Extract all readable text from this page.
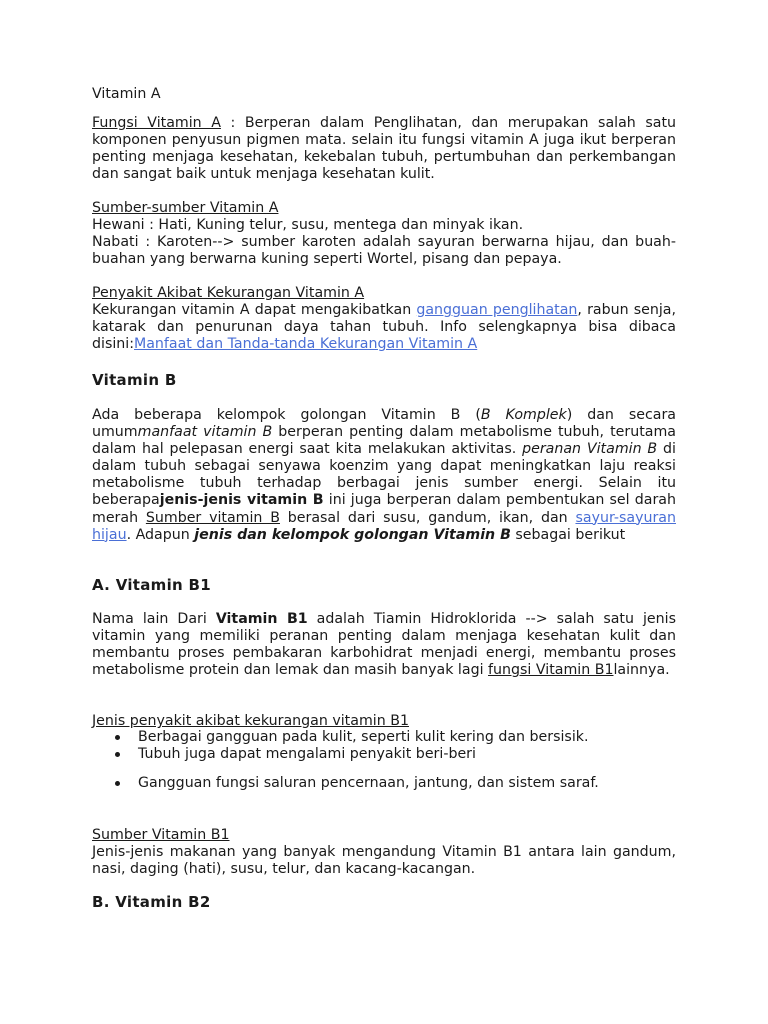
Vitamin A

Fungsi Vitamin A : Berperan dalam Penglihatan, dan merupakan salah satu komponen penyusun pigmen mata. selain itu fungsi vitamin A juga ikut berperan penting menjaga kesehatan, kekebalan tubuh, pertumbuhan dan perkembangan dan sangat baik untuk menjaga kesehatan kulit.

Sumber-sumber Vitamin A
Hewani : Hati, Kuning telur, susu, mentega dan minyak ikan.

Nabati : Karoten--> sumber karoten adalah sayuran berwarna hijau, dan buah-buahan yang berwarna kuning seperti Wortel, pisang dan pepaya.

Penyakit Akibat Kekurangan Vitamin A

Kekurangan vitamin A dapat mengakibatkan gangguan penglihatan, rabun senja, katarak dan penurunan daya tahan tubuh. Info selengkapnya bisa dibaca disini:Manfaat dan Tanda-tanda Kekurangan Vitamin A

Vitamin B

Ada beberapa kelompok golongan Vitamin B (B Komplek) dan secara umummanfaat vitamin B berperan penting dalam metabolisme tubuh, terutama dalam hal pelepasan energi saat kita melakukan aktivitas. peranan Vitamin B di dalam tubuh sebagai senyawa koenzim yang dapat meningkatkan laju reaksi metabolisme tubuh terhadap berbagai jenis sumber energi. Selain itu beberapajenis-jenis vitamin B ini juga berperan dalam pembentukan sel darah merah Sumber vitamin B berasal dari susu, gandum, ikan, dan sayur-sayuran hijau. Adapun jenis dan kelompok golongan Vitamin B sebagai berikut

A. Vitamin B1

Nama lain Dari Vitamin B1 adalah Tiamin Hidroklorida --> salah satu jenis vitamin yang memiliki peranan penting dalam menjaga kesehatan kulit dan membantu proses pembakaran karbohidrat menjadi energi, membantu proses metabolisme protein dan lemak dan masih banyak lagi fungsi Vitamin B1lainnya.

Jenis penyakit akibat kekurangan vitamin B1
Berbagai gangguan pada kulit, seperti kulit kering dan bersisik.
Tubuh juga dapat mengalami penyakit beri-beri
Gangguan fungsi saluran pencernaan, jantung, dan sistem saraf.
Sumber Vitamin B1

Jenis-jenis makanan yang banyak mengandung Vitamin B1 antara lain gandum, nasi, daging (hati), susu, telur, dan kacang-kacangan.

B. Vitamin B2
